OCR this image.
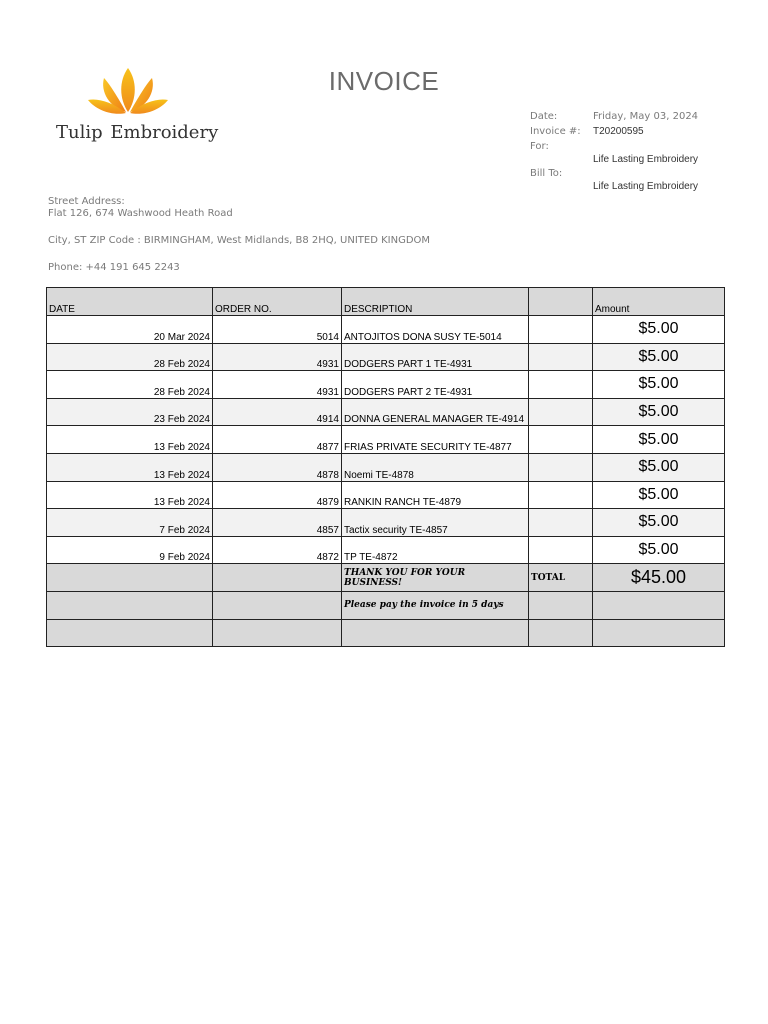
Tulip Embroidery
INVOICE
Date:	Friday, May 03, 2024
Invoice #: T20200595
For:
Life Lasting Embroidery
Bill To:
Life Lasting Embroidery
Street Address:
Flat 126, 674 Washwood Heath Road
City, ST ZIP Code : BIRMINGHAM, West Midlands, B8 2HQ, UNITED KINGDOM
Phone: +44 191 645 2243
DATE	ORDER NO.	DESCRIPTION		Amount
20 Mar 2024	5014	ANTOJITOS DONA SUSY TE-5014		$5.00
28 Feb 2024	4931	DODGERS PART 1 TE-4931		$5.00
28 Feb 2024	4931	DODGERS PART 2 TE-4931		$5.00
23 Feb 2024	4914	DONNA GENERAL MANAGER TE-4914		$5.00
13 Feb 2024	4877	FRIAS PRIVATE SECURITY TE-4877		$5.00
13 Feb 2024	4878	Noemi TE-4878		$5.00
13 Feb 2024	4879	RANKIN RANCH TE-4879		$5.00
7 Feb 2024	4857	Tactix security TE-4857		$5.00
9 Feb 2024	4872	TP TE-4872		$5.00
		THANK YOU FOR YOUR BUSINESS!	TOTAL	$45.00
		Please pay the invoice in 5 days		
